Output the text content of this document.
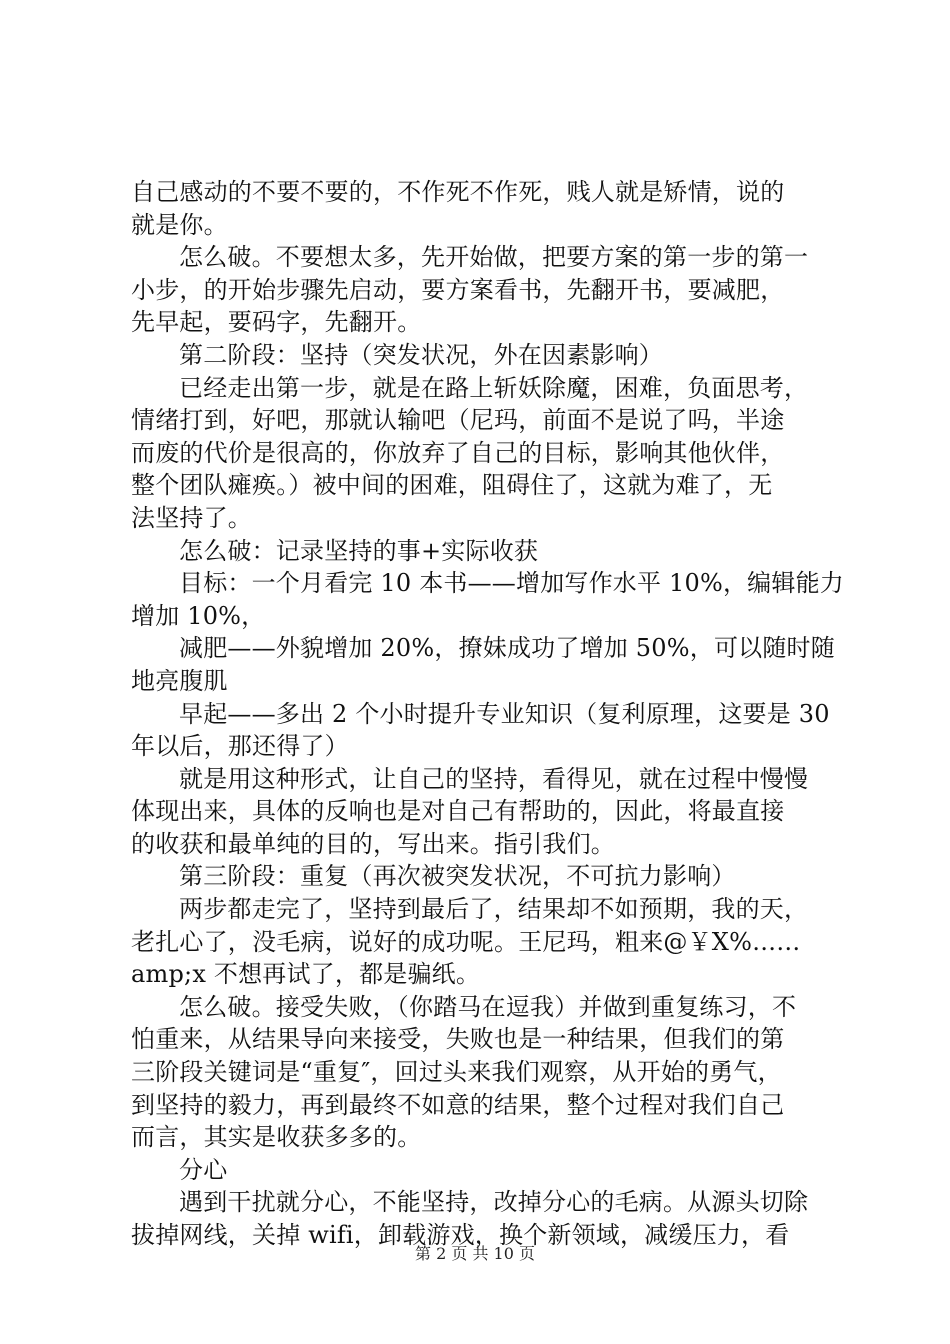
自己感动的不要不要的，不作死不作死，贱人就是矫情，说的
就是你。
怎么破。不要想太多，先开始做，把要方案的第一步的第一
小步，的开始步骤先启动，要方案看书，先翻开书，要减肥，
先早起，要码字，先翻开。
第二阶段：坚持（突发状况，外在因素影响）
已经走出第一步，就是在路上斩妖除魔，困难，负面思考，
情绪打到，好吧，那就认输吧（尼玛，前面不是说了吗，半途
而废的代价是很高的，你放弃了自己的目标，影响其他伙伴，
整个团队瘫痪。）被中间的困难，阻碍住了，这就为难了，无
法坚持了。
怎么破：记录坚持的事+实际收获
目标：一个月看完 10 本书——增加写作水平 10%，编辑能力
增加 10%，
减肥——外貌增加 20%，撩妹成功了增加 50%，可以随时随
地亮腹肌
早起——多出 2 个小时提升专业知识（复利原理，这要是 30
年以后，那还得了）
就是用这种形式，让自己的坚持，看得见，就在过程中慢慢
体现出来，具体的反响也是对自己有帮助的，因此，将最直接
的收获和最单纯的目的，写出来。指引我们。
第三阶段：重复（再次被突发状况，不可抗力影响）
两步都走完了，坚持到最后了，结果却不如预期，我的天，
老扎心了，没毛病，说好的成功呢。王尼玛，粗来@￥X%……
amp;x 不想再试了，都是骗纸。
怎么破。接受失败，（你踏马在逗我）并做到重复练习，不
怕重来，从结果导向来接受，失败也是一种结果，但我们的第
三阶段关键词是“重复″，回过头来我们观察，从开始的勇气，
到坚持的毅力，再到最终不如意的结果，整个过程对我们自己
而言，其实是收获多多的。
分心
遇到干扰就分心，不能坚持，改掉分心的毛病。从源头切除
拔掉网线，关掉 wifi，卸载游戏，换个新领域，减缓压力，看
第 2 页 共 10 页
